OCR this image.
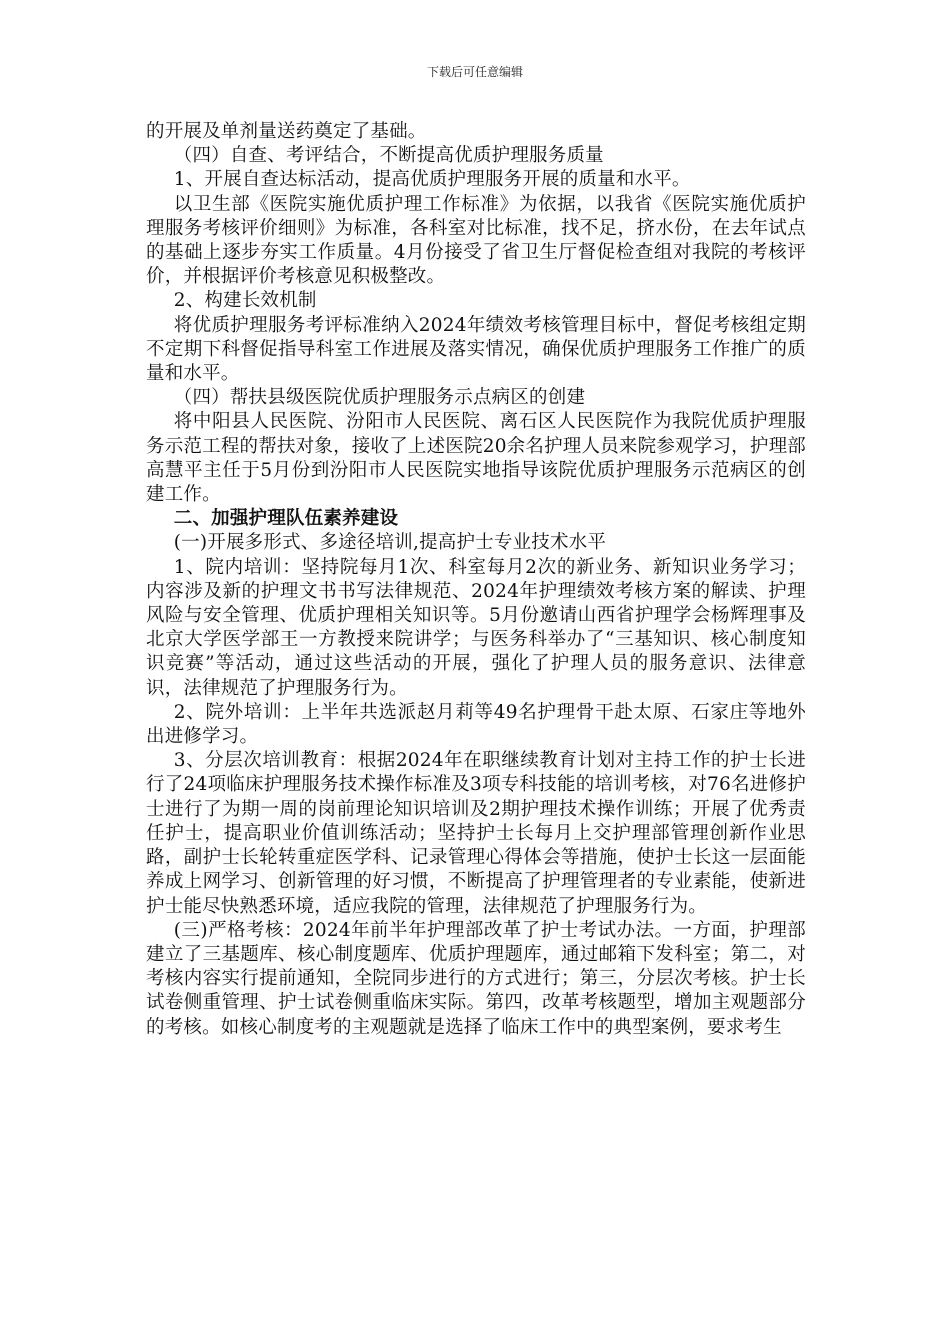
下载后可任意编辑

的开展及单剂量送药奠定了基础。

（四）自查、考评结合，不断提高优质护理服务质量

1、开展自查达标活动，提高优质护理服务开展的质量和水平。

以卫生部《医院实施优质护理工作标准》为依据，以我省《医院实施优质护理服务考核评价细则》为标准，各科室对比标准，找不足，挤水份，在去年试点的基础上逐步夯实工作质量。4月份接受了省卫生厅督促检查组对我院的考核评价，并根据评价考核意见积极整改。

2、构建长效机制

将优质护理服务考评标准纳入2024年绩效考核管理目标中，督促考核组定期不定期下科督促指导科室工作进展及落实情况，确保优质护理服务工作推广的质量和水平。

（四）帮扶县级医院优质护理服务示点病区的创建

将中阳县人民医院、汾阳市人民医院、离石区人民医院作为我院优质护理服务示范工程的帮扶对象，接收了上述医院20余名护理人员来院参观学习，护理部高慧平主任于5月份到汾阳市人民医院实地指导该院优质护理服务示范病区的创建工作。

二、加强护理队伍素养建设

(一)开展多形式、多途径培训,提高护士专业技术水平

1、院内培训：坚持院每月1次、科室每月2次的新业务、新知识业务学习；内容涉及新的护理文书书写法律规范、2024年护理绩效考核方案的解读、护理风险与安全管理、优质护理相关知识等。5月份邀请山西省护理学会杨辉理事及北京大学医学部王一方教授来院讲学；与医务科举办了“三基知识、核心制度知识竞赛”等活动，通过这些活动的开展，强化了护理人员的服务意识、法律意识，法律规范了护理服务行为。

2、院外培训：上半年共选派赵月莉等49名护理骨干赴太原、石家庄等地外出进修学习。

3、分层次培训教育：根据2024年在职继续教育计划对主持工作的护士长进行了24项临床护理服务技术操作标准及3项专科技能的培训考核，对76名进修护士进行了为期一周的岗前理论知识培训及2期护理技术操作训练；开展了优秀责任护士，提高职业价值训练活动；坚持护士长每月上交护理部管理创新作业思路，副护士长轮转重症医学科、记录管理心得体会等措施，使护士长这一层面能养成上网学习、创新管理的好习惯，不断提高了护理管理者的专业素能，使新进护士能尽快熟悉环境，适应我院的管理，法律规范了护理服务行为。

(三)严格考核：2024年前半年护理部改革了护士考试办法。一方面，护理部建立了三基题库、核心制度题库、优质护理题库，通过邮箱下发科室；第二，对考核内容实行提前通知，全院同步进行的方式进行；第三，分层次考核。护士长试卷侧重管理、护士试卷侧重临床实际。第四，改革考核题型，增加主观题部分的考核。如核心制度考的主观题就是选择了临床工作中的典型案例，要求考生
